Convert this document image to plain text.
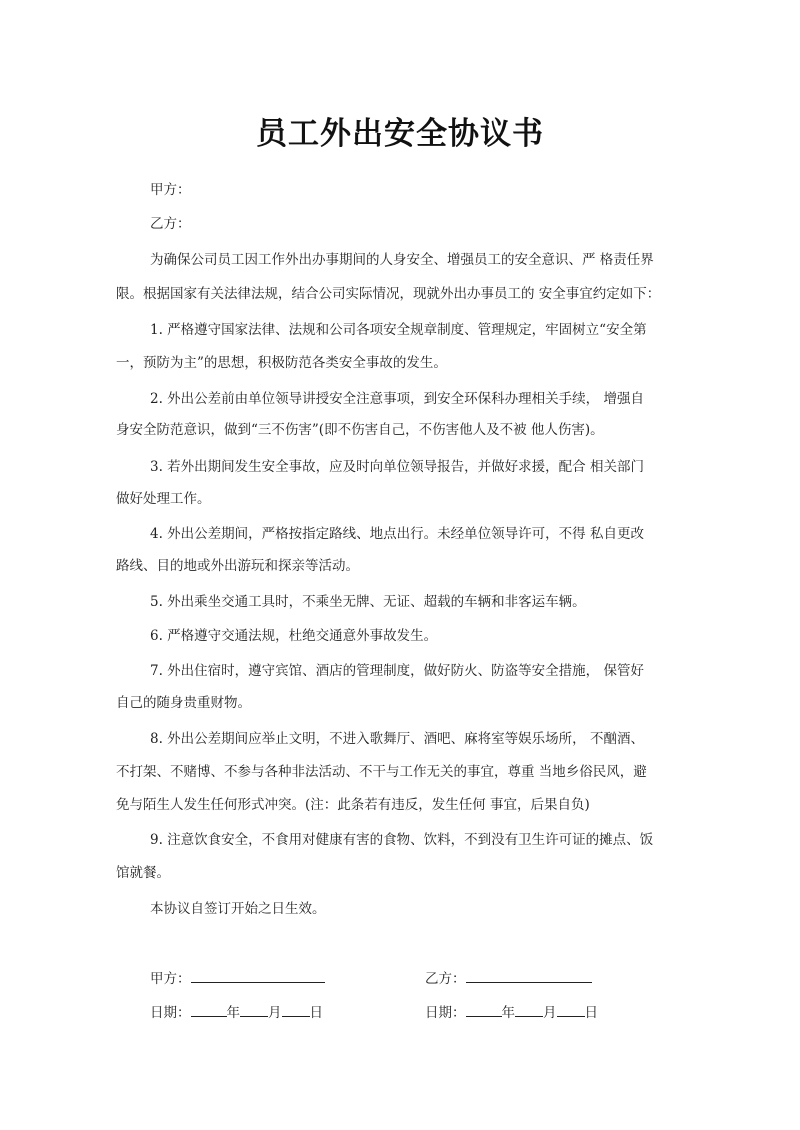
员工外出安全协议书
甲方：
乙方：
为确保公司员工因工作外出办事期间的人身安全、增强员工的安全意识、严 格责任界
限。根据国家有关法律法规，结合公司实际情况，现就外出办事员工的 安全事宜约定如下：
1. 严格遵守国家法律、法规和公司各项安全规章制度、管理规定，牢固树立“安全第
一，预防为主”的思想，积极防范各类安全事故的发生。
2. 外出公差前由单位领导讲授安全注意事项，到安全环保科办理相关手续， 增强自
身安全防范意识，做到“三不伤害”(即不伤害自己，不伤害他人及不被 他人伤害)。
3. 若外出期间发生安全事故，应及时向单位领导报告，并做好求援，配合 相关部门
做好处理工作。
4. 外出公差期间，严格按指定路线、地点出行。未经单位领导许可，不得 私自更改
路线、目的地或外出游玩和探亲等活动。
5. 外出乘坐交通工具时，不乘坐无牌、无证、超载的车辆和非客运车辆。
6. 严格遵守交通法规，杜绝交通意外事故发生。
7. 外出住宿时，遵守宾馆、酒店的管理制度，做好防火、防盗等安全措施， 保管好
自己的随身贵重财物。
8. 外出公差期间应举止文明，不进入歌舞厅、酒吧、麻将室等娱乐场所， 不酗酒、
不打架、不赌博、不参与各种非法活动、不干与工作无关的事宜，尊重 当地乡俗民风，避
免与陌生人发生任何形式冲突。(注：此条若有违反，发生任何 事宜，后果自负)
9. 注意饮食安全，不食用对健康有害的食物、饮料，不到没有卫生许可证的摊点、饭
馆就餐。
本协议自签订开始之日生效。
甲方：	乙方：
日期：	年 月 日	日期：	年 月 日
